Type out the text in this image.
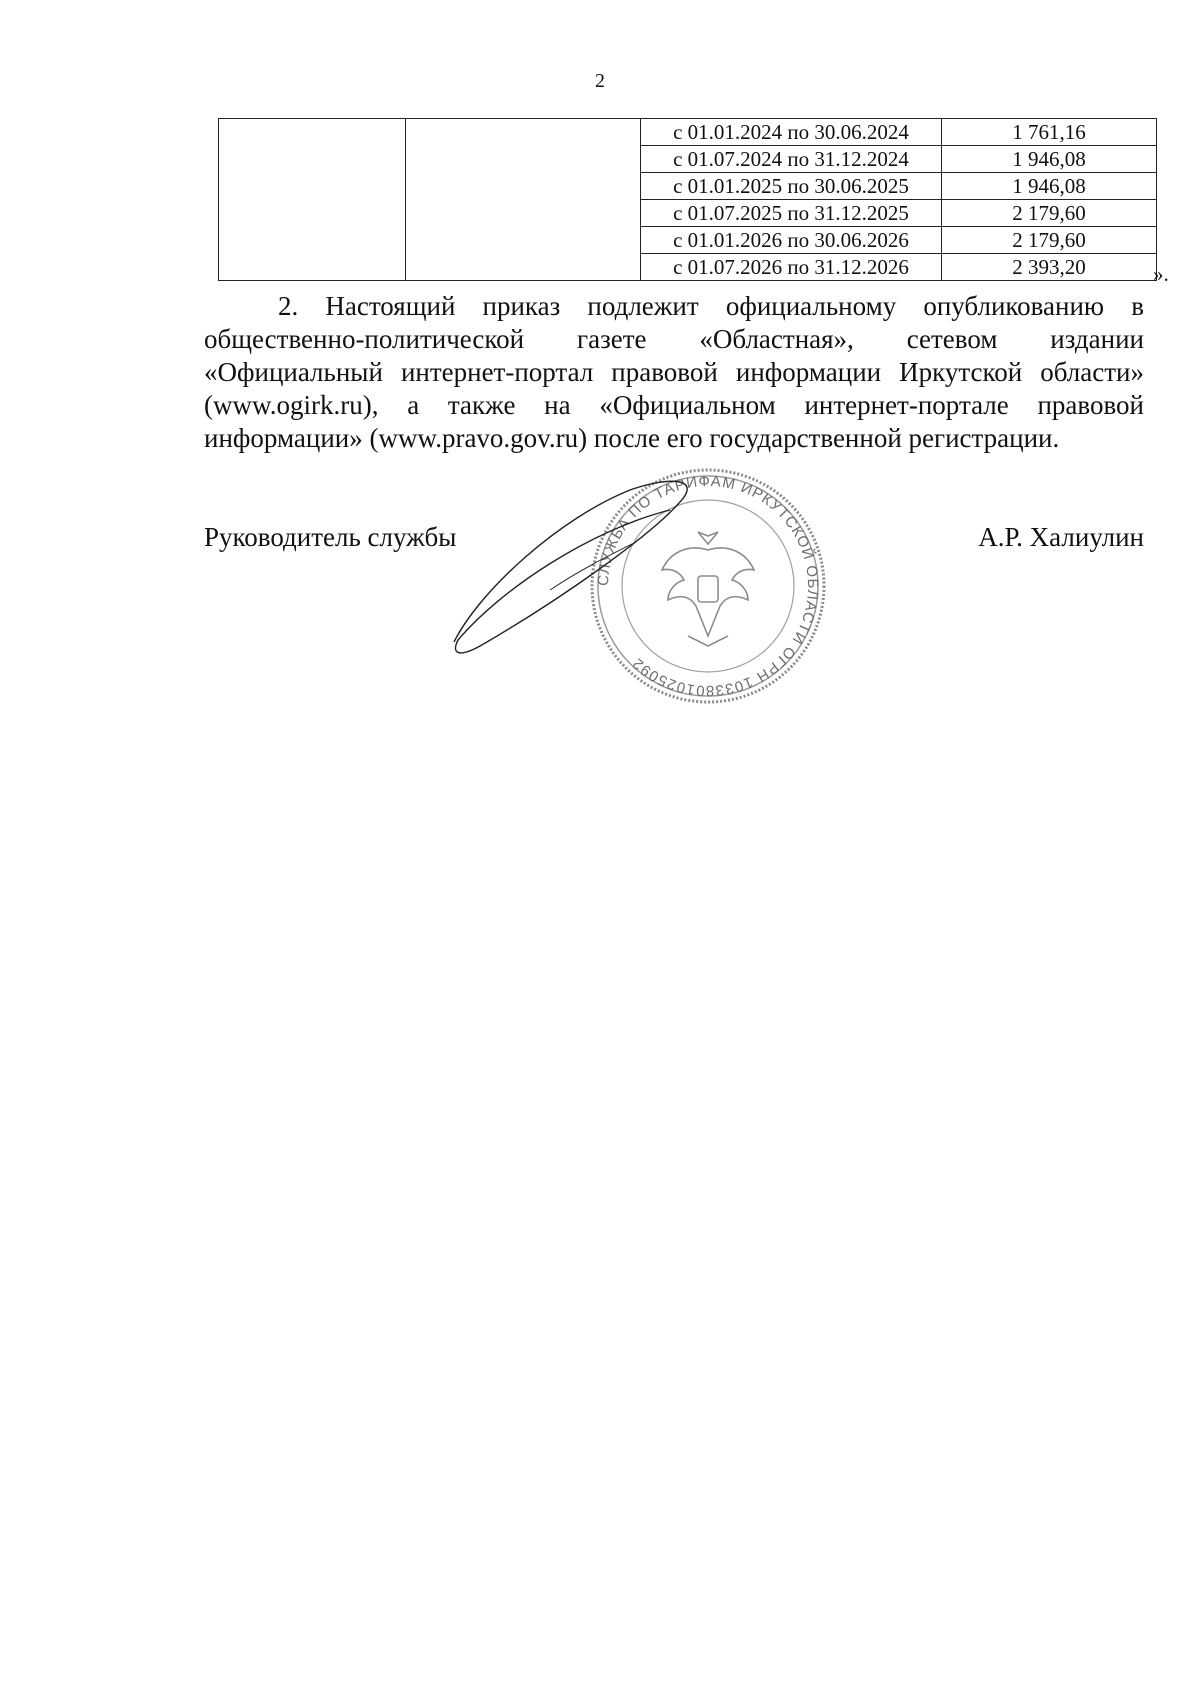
2
		с 01.01.2024 по 30.06.2024	1 761,16
		с 01.07.2024 по 31.12.2024	1 946,08
		с 01.01.2025 по 30.06.2025	1 946,08
		с 01.07.2025 по 31.12.2025	2 179,60
		с 01.01.2026 по 30.06.2026	2 179,60
		с 01.07.2026 по 31.12.2026	2 393,20	».
2. Настоящий приказ подлежит официальному опубликованию в общественно-политической газете «Областная», сетевом издании «Официальный интернет-портал правовой информации Иркутской области» (www.ogirk.ru), а также на «Официальном интернет-портале правовой информации» (www.pravo.gov.ru) после его государственной регистрации.
Руководитель службы
СЛУЖБА ПО ТАРИФАМ ИРКУТСКОЙ ОБЛАСТИ ОГРН 1033801025092
А.Р. Халиулин
